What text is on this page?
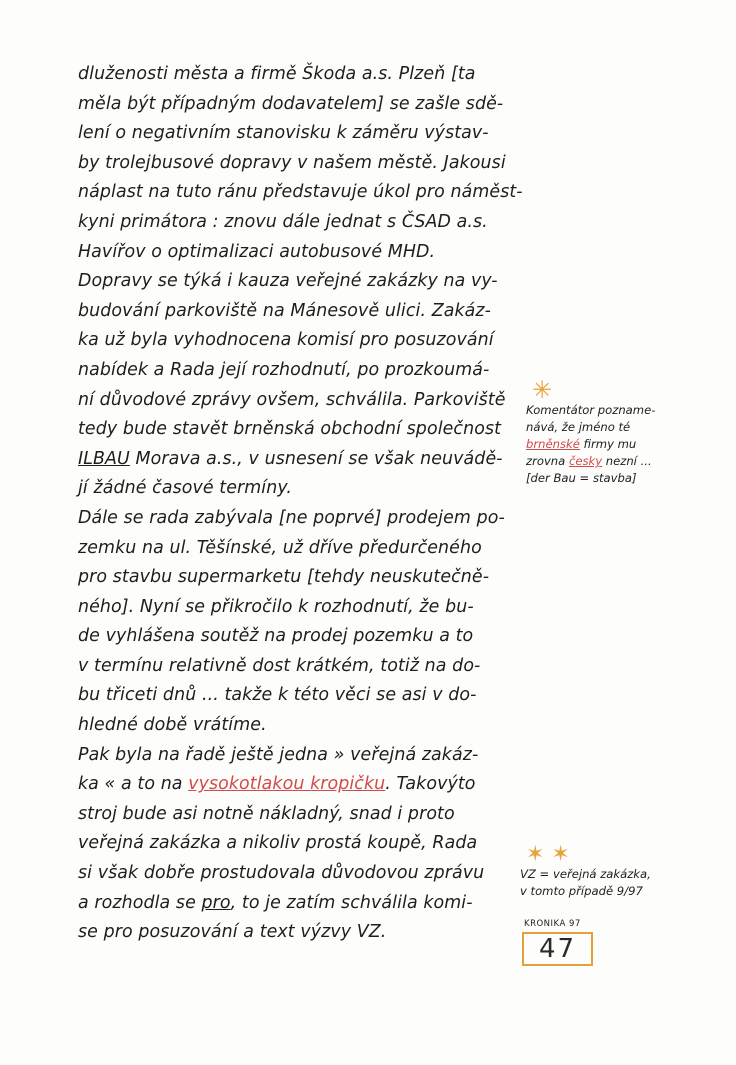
dluženosti města a firmě Škoda a.s. Plzeň [ta
měla být případným dodavatelem] se zašle sdě-
lení o negativním stanovisku k záměru výstav-
by trolejbusové dopravy v našem městě. Jakousi
náplast na tuto ránu představuje úkol pro náměst-
kyni primátora : znovu dále jednat s ČSAD a.s.
Havířov o optimalizaci autobusové MHD.
Dopravy se týká i kauza veřejné zakázky na vy-
budování parkoviště na Mánesově ulici. Zakáz-
ka už byla vyhodnocena komisí pro posuzování
nabídek a Rada její rozhodnutí, po prozkoumá-
ní důvodové zprávy ovšem, schválila. Parkoviště
tedy bude stavět brněnská obchodní společnost
ILBAU Morava a.s., v usnesení se však neuvádě-
jí žádné časové termíny.
Dále se rada zabývala [ne poprvé] prodejem po-
zemku na ul. Těšínské, už dříve předurčeného
pro stavbu supermarketu [tehdy neuskutečně-
ného]. Nyní se přikročilo k rozhodnutí, že bu-
de vyhlášena soutěž na prodej pozemku a to
v termínu relativně dost krátkém, totiž na do-
bu třiceti dnů ... takže k této věci se asi v do-
hledné době vrátíme.
Pak byla na řadě ještě jedna » veřejná zakáz-
ka « a to na vysokotlakou kropičku. Takovýto
stroj bude asi notně nákladný, snad i proto
veřejná zakázka a nikoliv prostá koupě, Rada
si však dobře prostudovala důvodovou zprávu
a rozhodla se pro, to je zatím schválila komi-
se pro posuzování a text výzvy VZ.
✳
Komentátor poznamе-
nává, že jméno té
brněnské firmy mu
zrovna česky nezní ...
[der Bau = stavba]
✶ ✶
VZ = veřejná zakázka,
v tomto případě 9/97
KRONIKA 97
47
